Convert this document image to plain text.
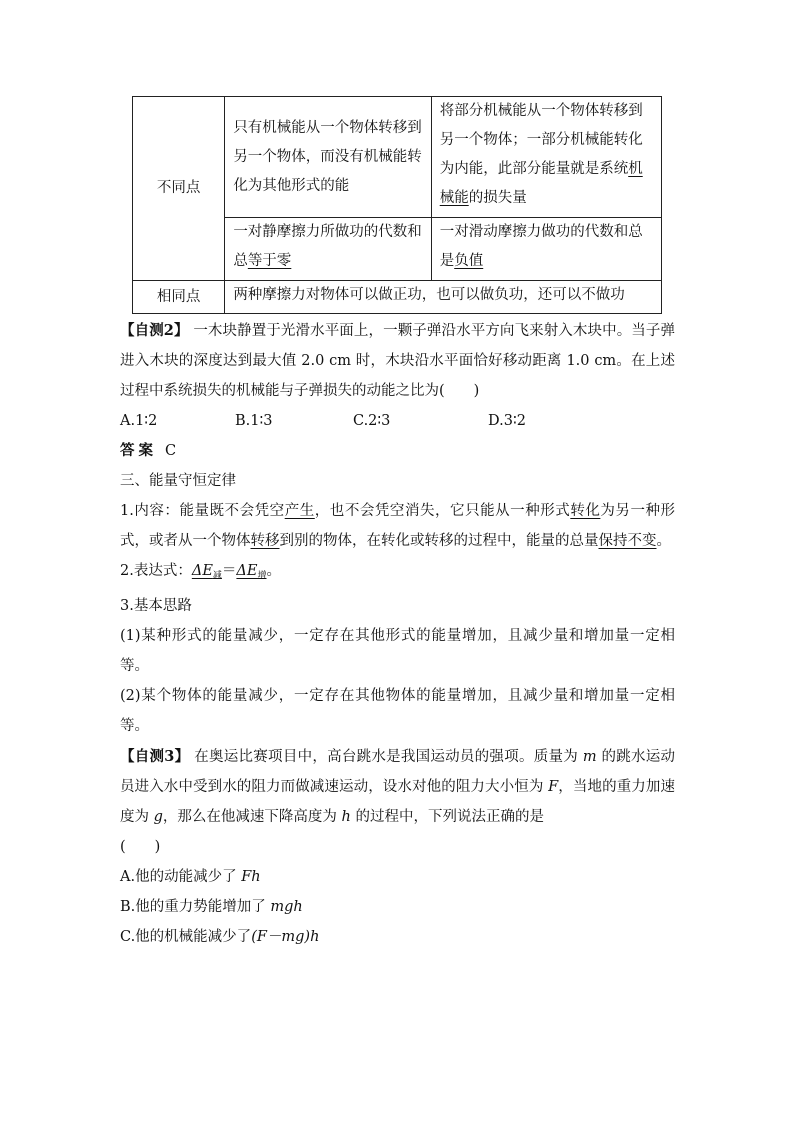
不同点	只有机械能从一个物体转移到另一个物体，而没有机械能转化为其他形式的能	将部分机械能从一个物体转移到另一个物体；一部分机械能转化为内能，此部分能量就是系统机械能的损失量
	一对静摩擦力所做功的代数和总等于零	一对滑动摩擦力做功的代数和总是负值
相同点	两种摩擦力对物体可以做正功，也可以做负功，还可以不做功	

【自测2】 一木块静置于光滑水平面上，一颗子弹沿水平方向飞来射入木块中。当子弹进入木块的深度达到最大值 2.0 cm 时，木块沿水平面恰好移动距离 1.0 cm。在上述过程中系统损失的机械能与子弹损失的动能之比为(　　)

A.1∶2	B.1∶3	C.2∶3	D.3∶2

答案 C

三、能量守恒定律

1.内容：能量既不会凭空产生，也不会凭空消失，它只能从一种形式转化为另一种形式，或者从一个物体转移到别的物体，在转化或转移的过程中，能量的总量保持不变。

2.表达式：$\Delta E_减=\Delta E_增$。

3.基本思路

(1)某种形式的能量减少，一定存在其他形式的能量增加，且减少量和增加量一定相等。

(2)某个物体的能量减少，一定存在其他物体的能量增加，且减少量和增加量一定相等。

【自测3】 在奥运比赛项目中，高台跳水是我国运动员的强项。质量为 m 的跳水运动员进入水中受到水的阻力而做减速运动，设水对他的阻力大小恒为 F，当地的重力加速度为 g，那么在他减速下降高度为 h 的过程中，下列说法正确的是

(　　)

A.他的动能减少了 Fh

B.他的重力势能增加了 mgh

C.他的机械能减少了(F－mg)h
